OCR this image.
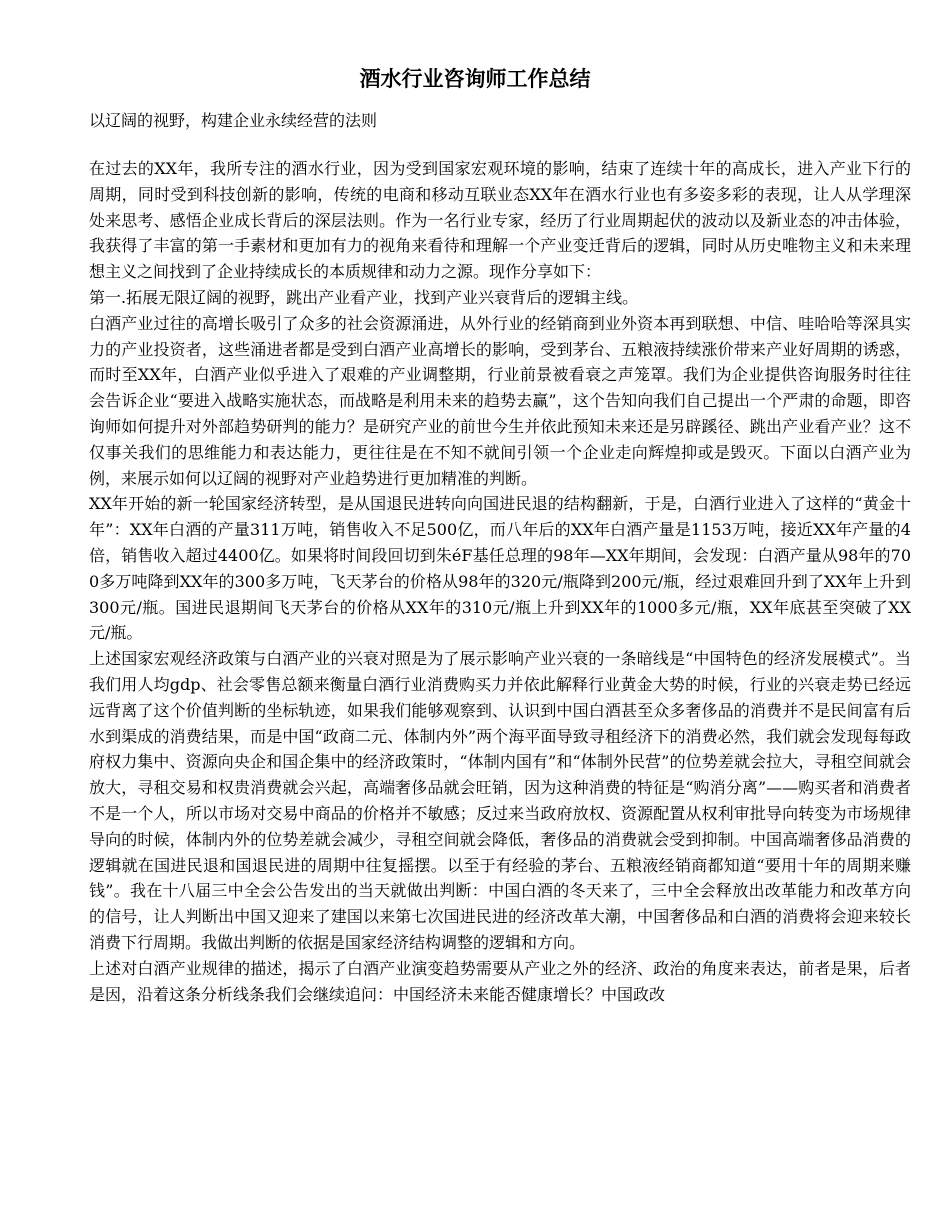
酒水行业咨询师工作总结

以辽阔的视野，构建企业永续经营的法则

在过去的XX年，我所专注的酒水行业，因为受到国家宏观环境的影响，结束了连续十年的高成长，进入产业下行的周期，同时受到科技创新的影响，传统的电商和移动互联业态XX年在酒水行业也有多姿多彩的表现，让人从学理深处来思考、感悟企业成长背后的深层法则。作为一名行业专家，经历了行业周期起伏的波动以及新业态的冲击体验，我获得了丰富的第一手素材和更加有力的视角来看待和理解一个产业变迁背后的逻辑，同时从历史唯物主义和未来理想主义之间找到了企业持续成长的本质规律和动力之源。现作分享如下：

第一.拓展无限辽阔的视野，跳出产业看产业，找到产业兴衰背后的逻辑主线。

白酒产业过往的高增长吸引了众多的社会资源涌进，从外行业的经销商到业外资本再到联想、中信、哇哈哈等深具实力的产业投资者，这些涌进者都是受到白酒产业高增长的影响，受到茅台、五粮液持续涨价带来产业好周期的诱惑，而时至XX年，白酒产业似乎进入了艰难的产业调整期，行业前景被看衰之声笼罩。我们为企业提供咨询服务时往往会告诉企业“要进入战略实施状态，而战略是利用未来的趋势去赢”，这个告知向我们自己提出一个严肃的命题，即咨询师如何提升对外部趋势研判的能力？是研究产业的前世今生并依此预知未来还是另辟蹊径、跳出产业看产业？这不仅事关我们的思维能力和表达能力，更往往是在不知不就间引领一个企业走向辉煌抑或是毁灭。下面以白酒产业为例，来展示如何以辽阔的视野对产业趋势进行更加精准的判断。

XX年开始的新一轮国家经济转型，是从国退民进转向向国进民退的结构翻新，于是，白酒行业进入了这样的“黄金十年”：XX年白酒的产量311万吨，销售收入不足500亿，而八年后的XX年白酒产量是1153万吨，接近XX年产量的4倍，销售收入超过4400亿。如果将时间段回切到朱éF基任总理的98年—XX年期间，会发现：白酒产量从98年的700多万吨降到XX年的300多万吨，飞天茅台的价格从98年的320元/瓶降到200元/瓶，经过艰难回升到了XX年上升到300元/瓶。国进民退期间飞天茅台的价格从XX年的310元/瓶上升到XX年的1000多元/瓶，XX年底甚至突破了XX元/瓶。

上述国家宏观经济政策与白酒产业的兴衰对照是为了展示影响产业兴衰的一条暗线是“中国特色的经济发展模式”。当我们用人均gdp、社会零售总额来衡量白酒行业消费购买力并依此解释行业黄金大势的时候，行业的兴衰走势已经远远背离了这个价值判断的坐标轨迹，如果我们能够观察到、认识到中国白酒甚至众多奢侈品的消费并不是民间富有后水到渠成的消费结果，而是中国“政商二元、体制内外”两个海平面导致寻租经济下的消费必然，我们就会发现每每政府权力集中、资源向央企和国企集中的经济政策时，“体制内国有”和“体制外民营”的位势差就会拉大，寻租空间就会放大，寻租交易和权贵消费就会兴起，高端奢侈品就会旺销，因为这种消费的特征是“购消分离”——购买者和消费者不是一个人，所以市场对交易中商品的价格并不敏感；反过来当政府放权、资源配置从权利审批导向转变为市场规律导向的时候，体制内外的位势差就会减少，寻租空间就会降低，奢侈品的消费就会受到抑制。中国高端奢侈品消费的逻辑就在国进民退和国退民进的周期中往复摇摆。以至于有经验的茅台、五粮液经销商都知道“要用十年的周期来赚钱”。我在十八届三中全会公告发出的当天就做出判断：中国白酒的冬天来了，三中全会释放出改革能力和改革方向的信号，让人判断出中国又迎来了建国以来第七次国进民进的经济改革大潮，中国奢侈品和白酒的消费将会迎来较长消费下行周期。我做出判断的依据是国家经济结构调整的逻辑和方向。

上述对白酒产业规律的描述，揭示了白酒产业演变趋势需要从产业之外的经济、政治的角度来表达，前者是果，后者是因，沿着这条分析线条我们会继续追问：中国经济未来能否健康增长？中国政改
